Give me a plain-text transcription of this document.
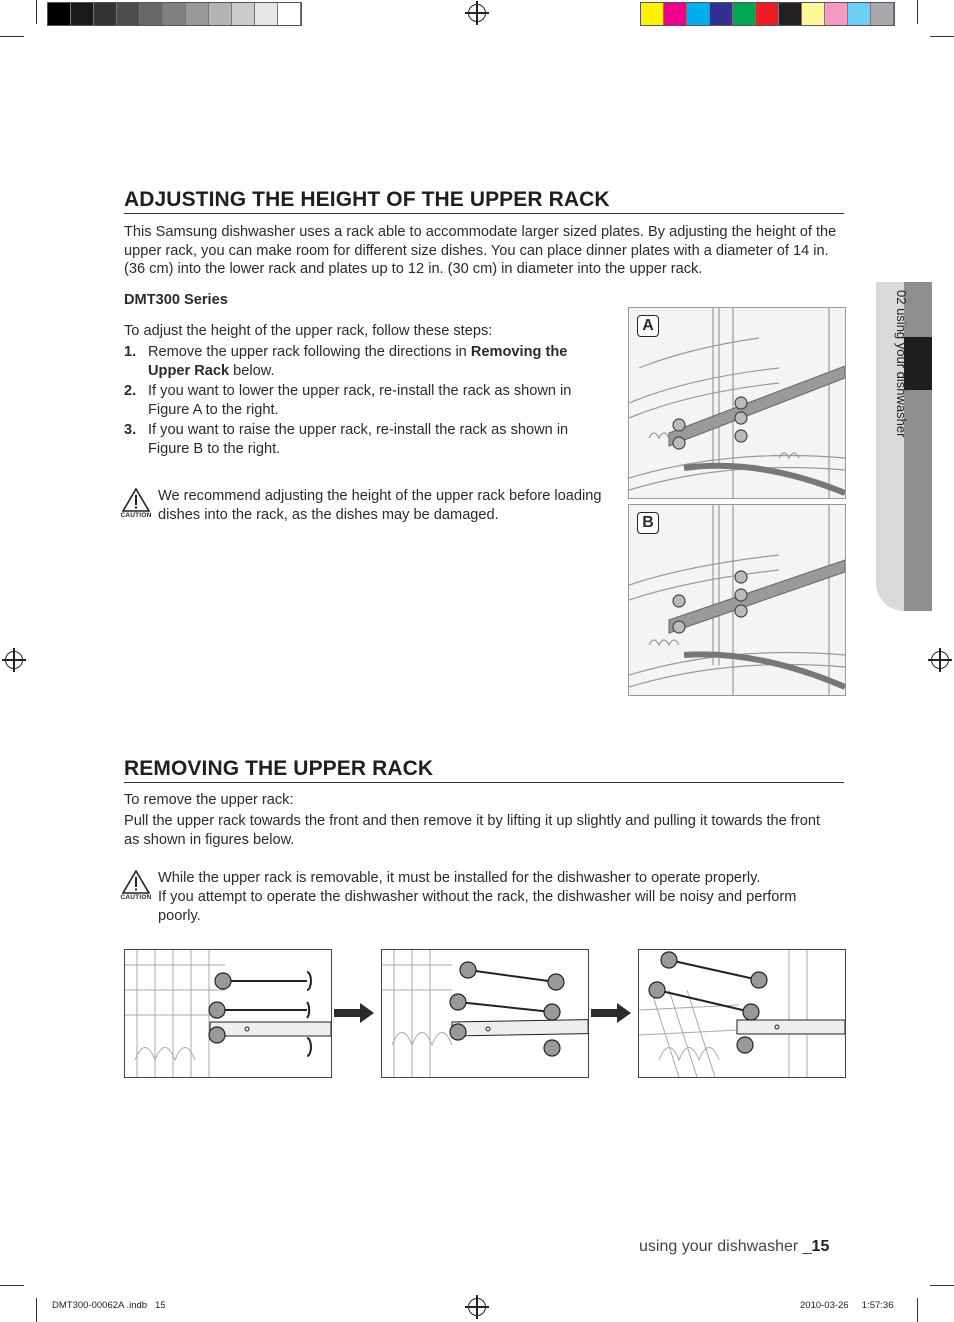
ADJUSTING THE HEIGHT OF THE UPPER RACK

This Samsung dishwasher uses a rack able to accommodate larger sized plates. By adjusting the height of the upper rack, you can make room for different size dishes. You can place dinner plates with a diameter of 14 in. (36 cm) into the lower rack and plates up to 12 in. (30 cm) in diameter into the upper rack.

DMT300 Series

To adjust the height of the upper rack, follow these steps:

1. Remove the upper rack following the directions in Removing the Upper Rack below.
2. If you want to lower the upper rack, re-install the rack as shown in Figure A to the right.
3. If you want to raise the upper rack, re-install the rack as shown in Figure B to the right.
CAUTION

We recommend adjusting the height of the upper rack before loading dishes into the rack, as the dishes may be damaged.

A
B
REMOVING THE UPPER RACK

To remove the upper rack:

Pull the upper rack towards the front and then remove it by lifting it up slightly and pulling it towards the front as shown in figures below.

CAUTION

While the upper rack is removable, it must be installed for the dishwasher to operate properly.

If you attempt to operate the dishwasher without the rack, the dishwasher will be noisy and perform poorly.

02 using your dishwasher
using your dishwasher _15
DMT300-00062A .indb   15	2010-03-26     1:57:36
